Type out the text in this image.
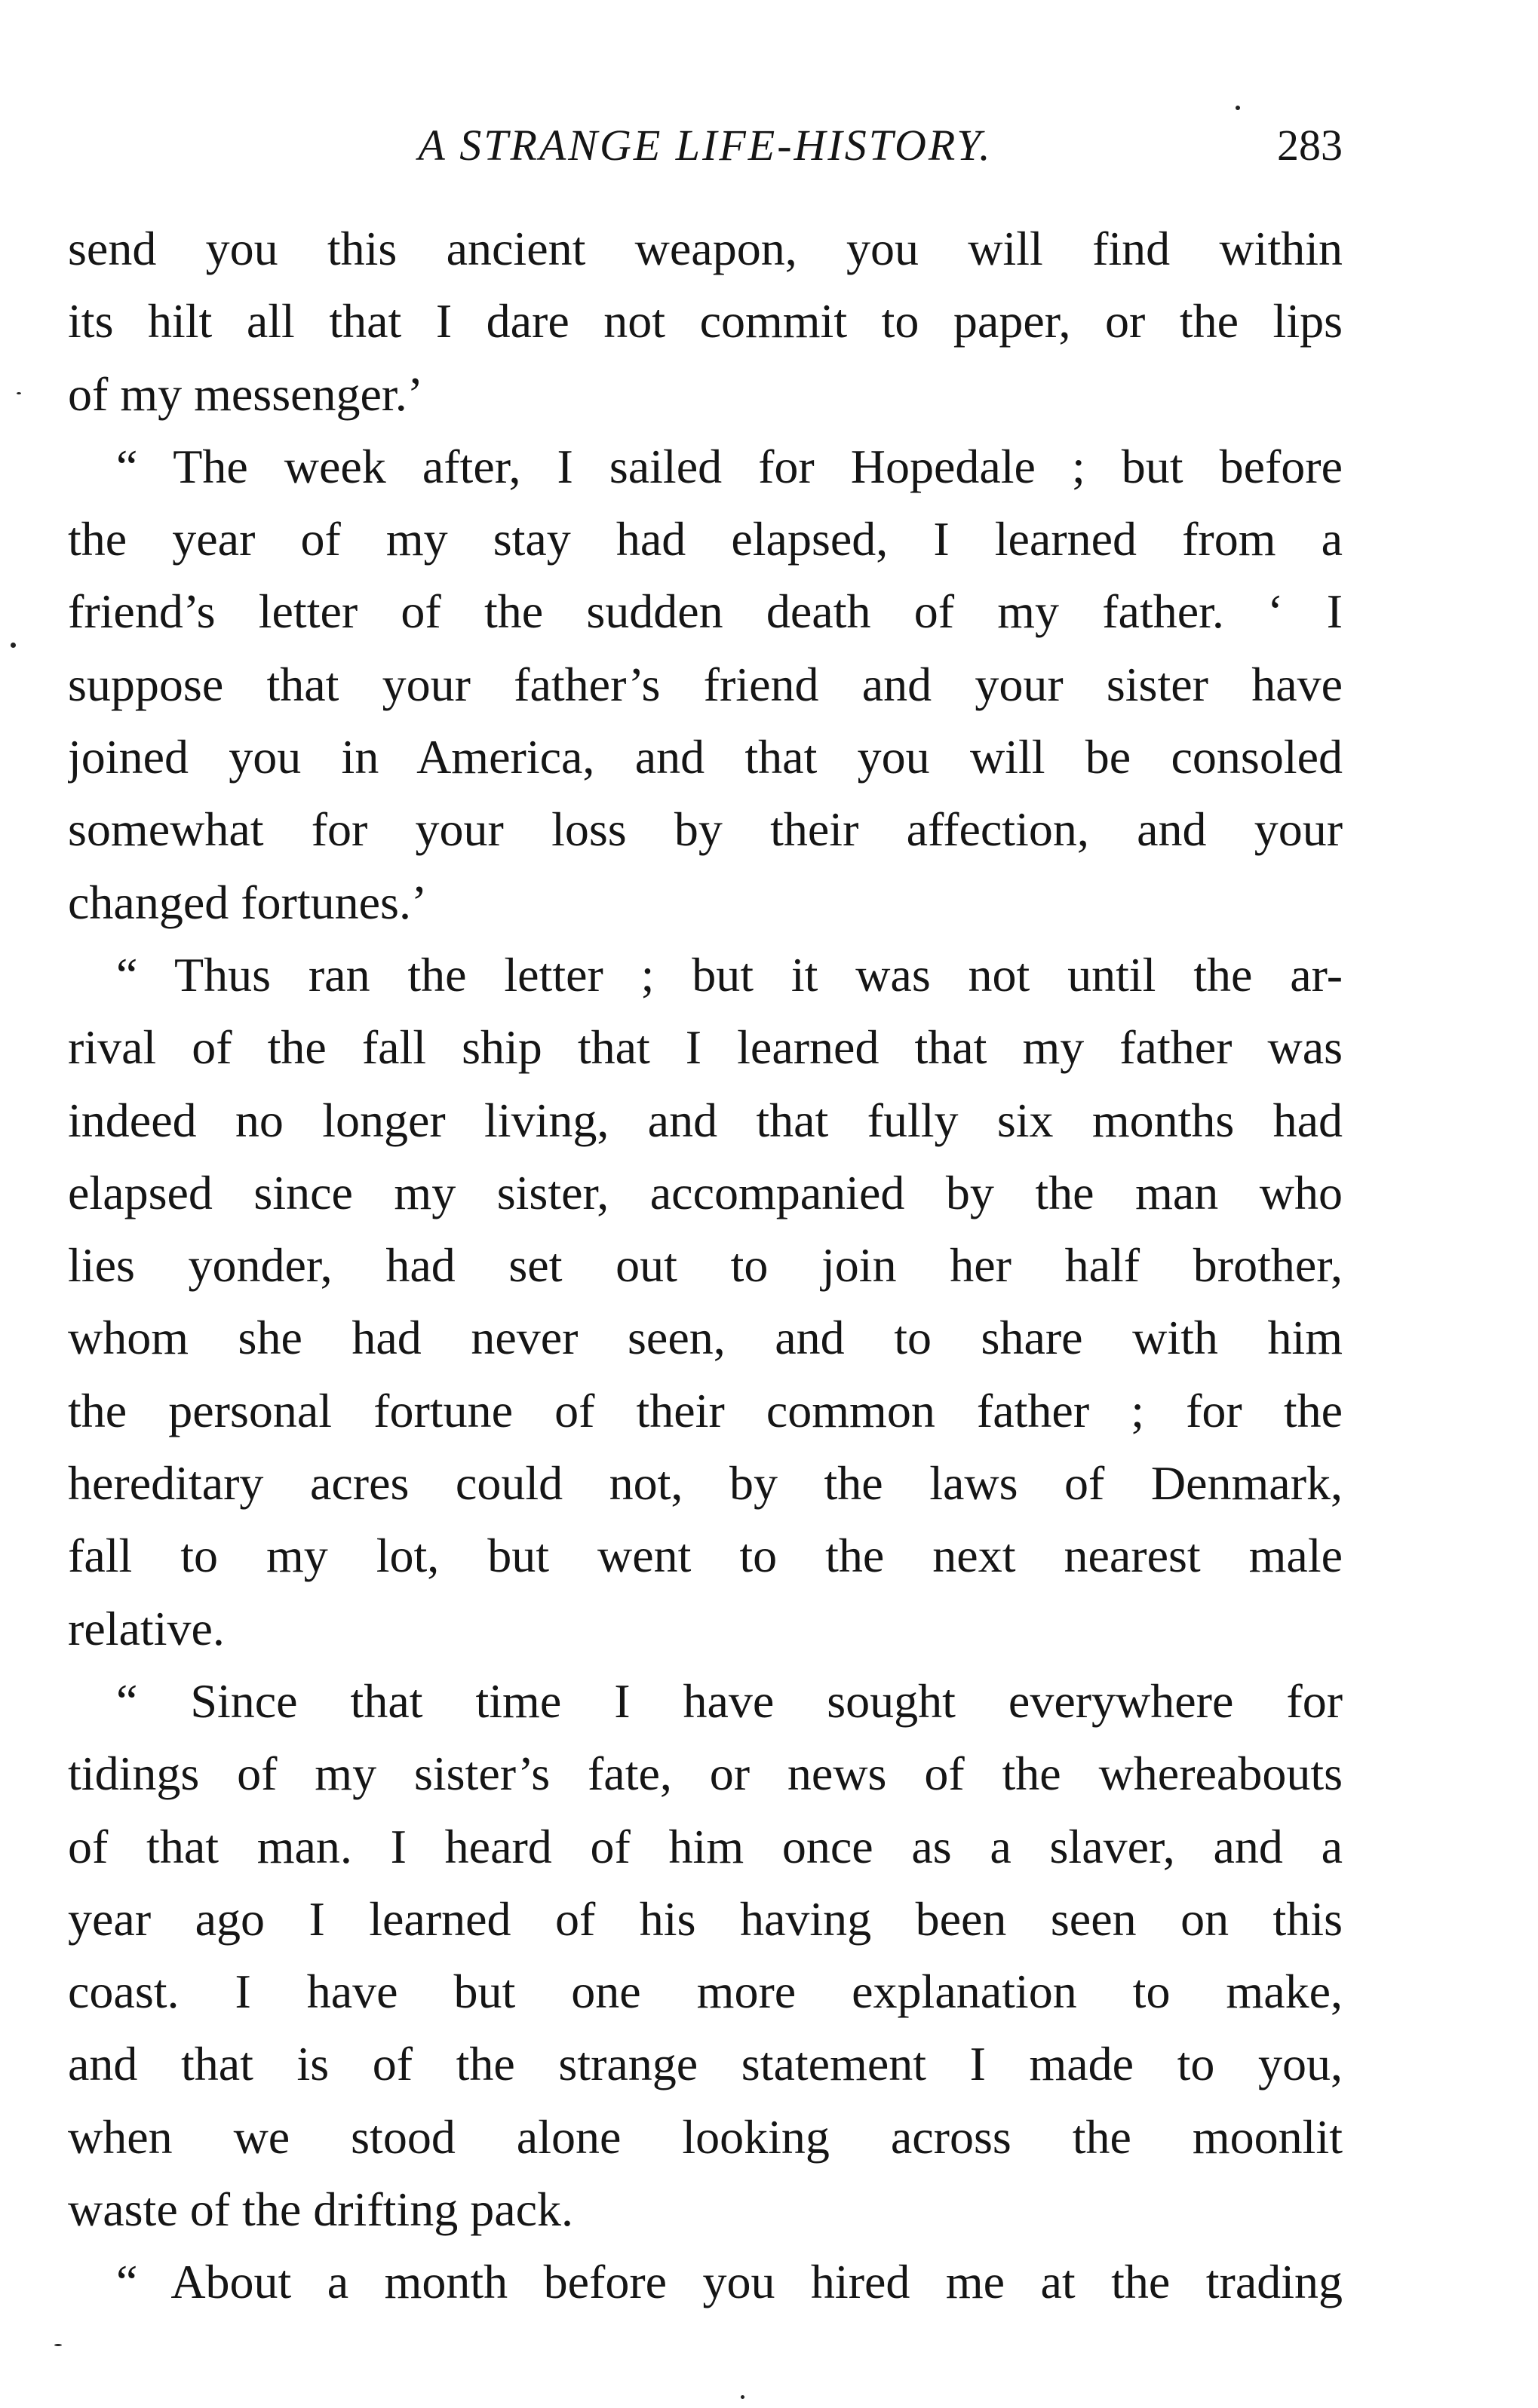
A STRANGE LIFE-HISTORY.	283
send you this ancient weapon, you will find within
its hilt all that I dare not commit to paper, or the lips
of my messenger.’
“ The week after, I sailed for Hopedale ; but before
the year of my stay had elapsed, I learned from a
friend’s letter of the sudden death of my father. ‘ I
suppose that your father’s friend and your sister have
joined you in America, and that you will be consoled
somewhat for your loss by their affection, and your
changed fortunes.’
“ Thus ran the letter ; but it was not until the ar-
rival of the fall ship that I learned that my father was
indeed no longer living, and that fully six months had
elapsed since my sister, accompanied by the man who
lies yonder, had set out to join her half brother,
whom she had never seen, and to share with him
the personal fortune of their common father ; for the
hereditary acres could not, by the laws of Denmark,
fall to my lot, but went to the next nearest male
relative.
“ Since that time I have sought everywhere for
tidings of my sister’s fate, or news of the whereabouts
of that man. I heard of him once as a slaver, and a
year ago I learned of his having been seen on this
coast. I have but one more explanation to make,
and that is of the strange statement I made to you,
when we stood alone looking across the moonlit
waste of the drifting pack.
“ About a month before you hired me at the trading
